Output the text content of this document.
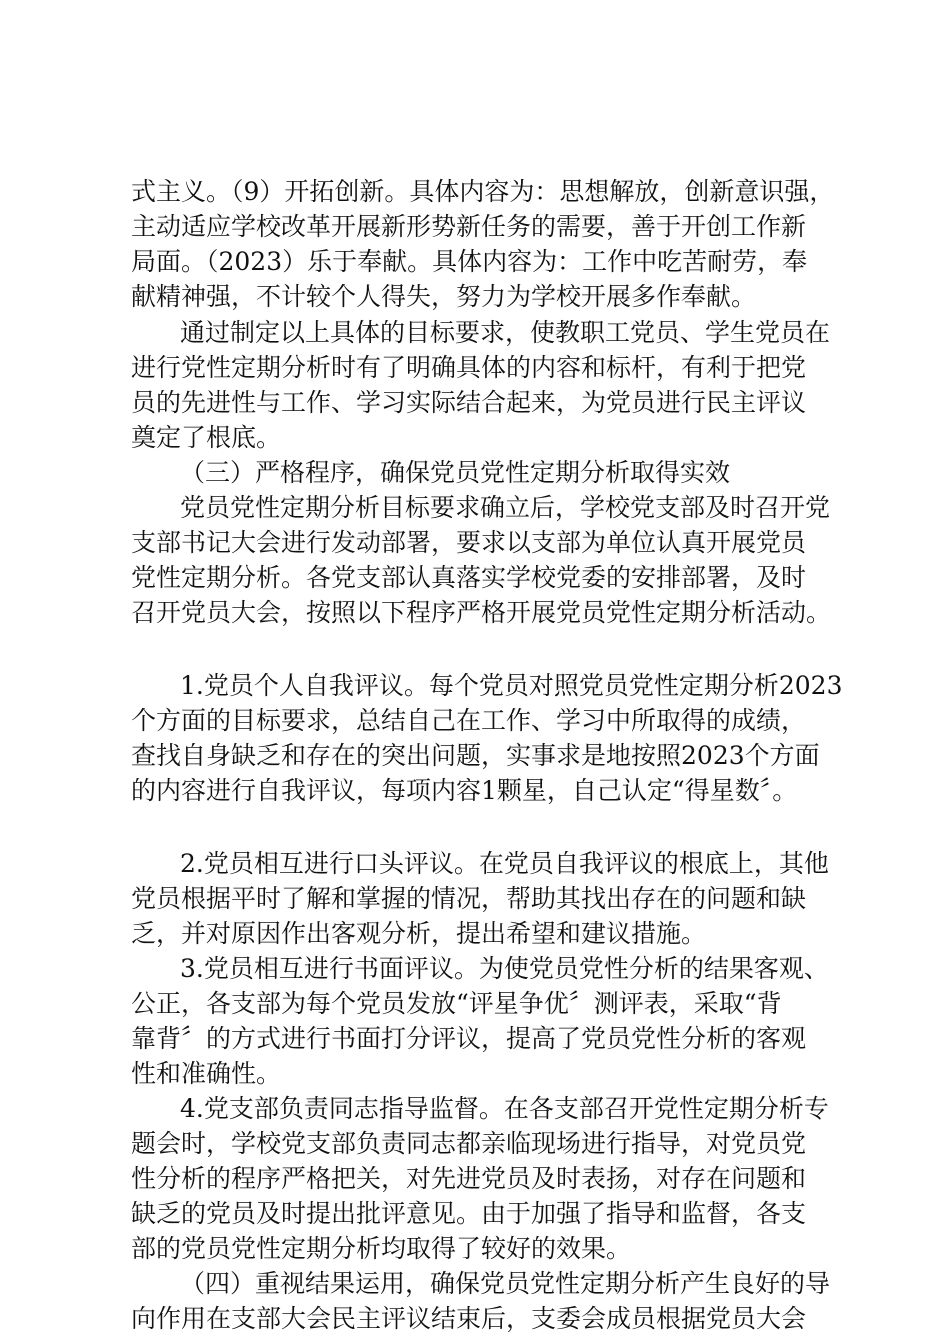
式主义。（9）开拓创新。具体内容为：思想解放，创新意识强，
主动适应学校改革开展新形势新任务的需要，善于开创工作新
局面。（2023）乐于奉献。具体内容为：工作中吃苦耐劳，奉
献精神强，不计较个人得失，努力为学校开展多作奉献。
通过制定以上具体的目标要求，使教职工党员、学生党员在
进行党性定期分析时有了明确具体的内容和标杆，有利于把党
员的先进性与工作、学习实际结合起来，为党员进行民主评议
奠定了根底。
（三）严格程序，确保党员党性定期分析取得实效
党员党性定期分析目标要求确立后，学校党支部及时召开党
支部书记大会进行发动部署，要求以支部为单位认真开展党员
党性定期分析。各党支部认真落实学校党委的安排部署，及时
召开党员大会，按照以下程序严格开展党员党性定期分析活动。
1.党员个人自我评议。每个党员对照党员党性定期分析2023
个方面的目标要求，总结自己在工作、学习中所取得的成绩，
查找自身缺乏和存在的突出问题，实事求是地按照2023个方面
的内容进行自我评议，每项内容1颗星，自己认定“得星数〞。
2.党员相互进行口头评议。在党员自我评议的根底上，其他
党员根据平时了解和掌握的情况，帮助其找出存在的问题和缺
乏，并对原因作出客观分析，提出希望和建议措施。
3.党员相互进行书面评议。为使党员党性分析的结果客观、
公正，各支部为每个党员发放“评星争优〞测评表，采取“背
靠背〞的方式进行书面打分评议，提高了党员党性分析的客观
性和准确性。
4.党支部负责同志指导监督。在各支部召开党性定期分析专
题会时，学校党支部负责同志都亲临现场进行指导，对党员党
性分析的程序严格把关，对先进党员及时表扬，对存在问题和
缺乏的党员及时提出批评意见。由于加强了指导和监督，各支
部的党员党性定期分析均取得了较好的效果。
（四）重视结果运用，确保党员党性定期分析产生良好的导
向作用在支部大会民主评议结束后，支委会成员根据党员大会
